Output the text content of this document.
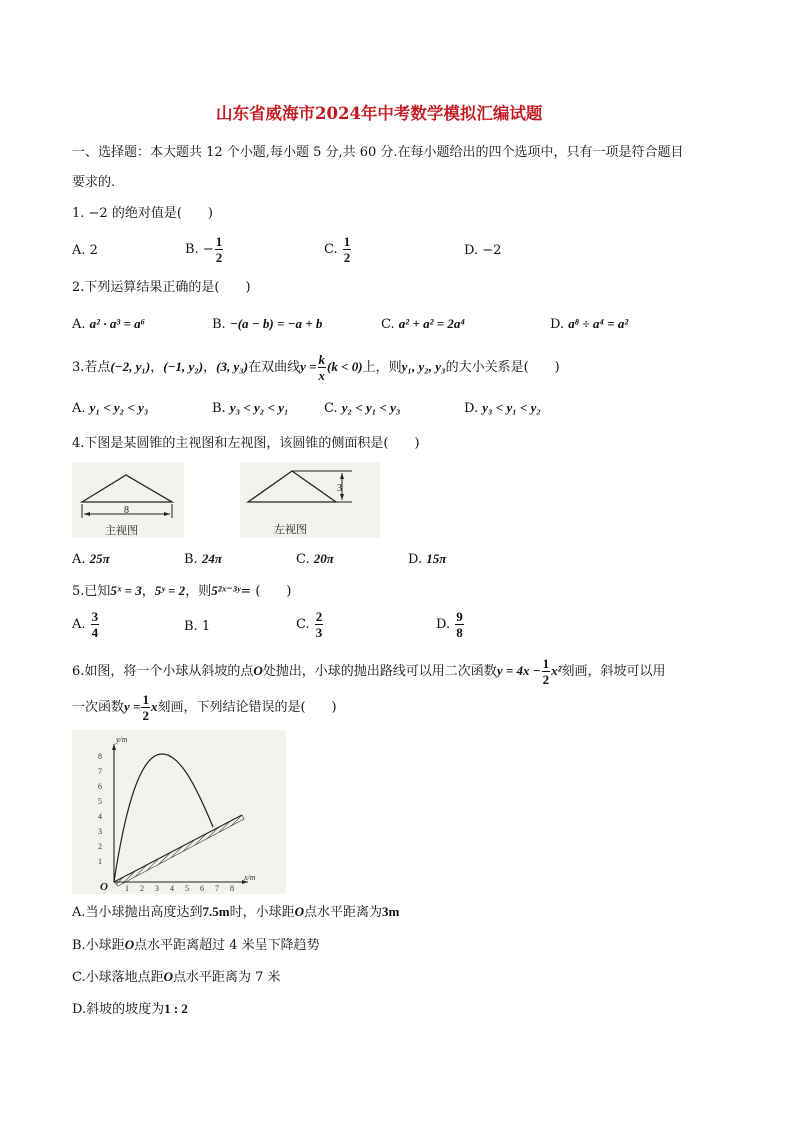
山东省威海市2024年中考数学模拟汇编试题
一、选择题：本大题共 12 个小题,每小题 5 分,共 60 分.在每小题给出的四个选项中，只有一项是符合题目
要求的.
1. −2 的绝对值是(　　)
A. 2	B. − $\frac{1}{2}$	C. $\frac{1}{2}$	D. −2
2.下列运算结果正确的是(　　)
A. a² · a³ = a⁶	B. −(a − b) = −a + b	C. a² + a² = 2a⁴	D. a⁸ ÷ a⁴ = a²
3.若点(−2, y₁)，(−1, y₂)，(3, y₃)在双曲线$y = \frac{k}{x} (k < 0)$上，则y₁, y₂, y₃的大小关系是(　　)
A. y₁ < y₂ < y₃	B. y₃ < y₂ < y₁	C. y₂ < y₁ < y₃	D. y₃ < y₁ < y₂
4.下图是某圆锥的主视图和左视图，该圆锥的侧面积是(　　)
8
主视图
3
左视图
A. 25π	B. 24π	C. 20π	D. 15π
5.已知5ˣ = 3，5ʸ = 2，则5²ˣ⁻³ʸ= (　　)
A. $\frac{3}{4}$	B. 1	C. $\frac{2}{3}$	D. $\frac{9}{8}$
6.如图，将一个小球从斜坡的点O处抛出，小球的抛出路线可以用二次函数$y = 4x - \frac{1}{2} x^2$刻画，斜坡可以用
一次函数$y = \frac{1}{2}$ x刻画，下列结论错误的是(　　)
1
2
3
4
5
6
7
8
1 2 3 4 5 6 7 8
y/m
x/m
O
A.当小球抛出高度达到7.5m时，小球距O点水平距离为3m
B.小球距O点水平距离超过 4 米呈下降趋势
C.小球落地点距O点水平距离为 7 米
D.斜坡的坡度为1 : 2
